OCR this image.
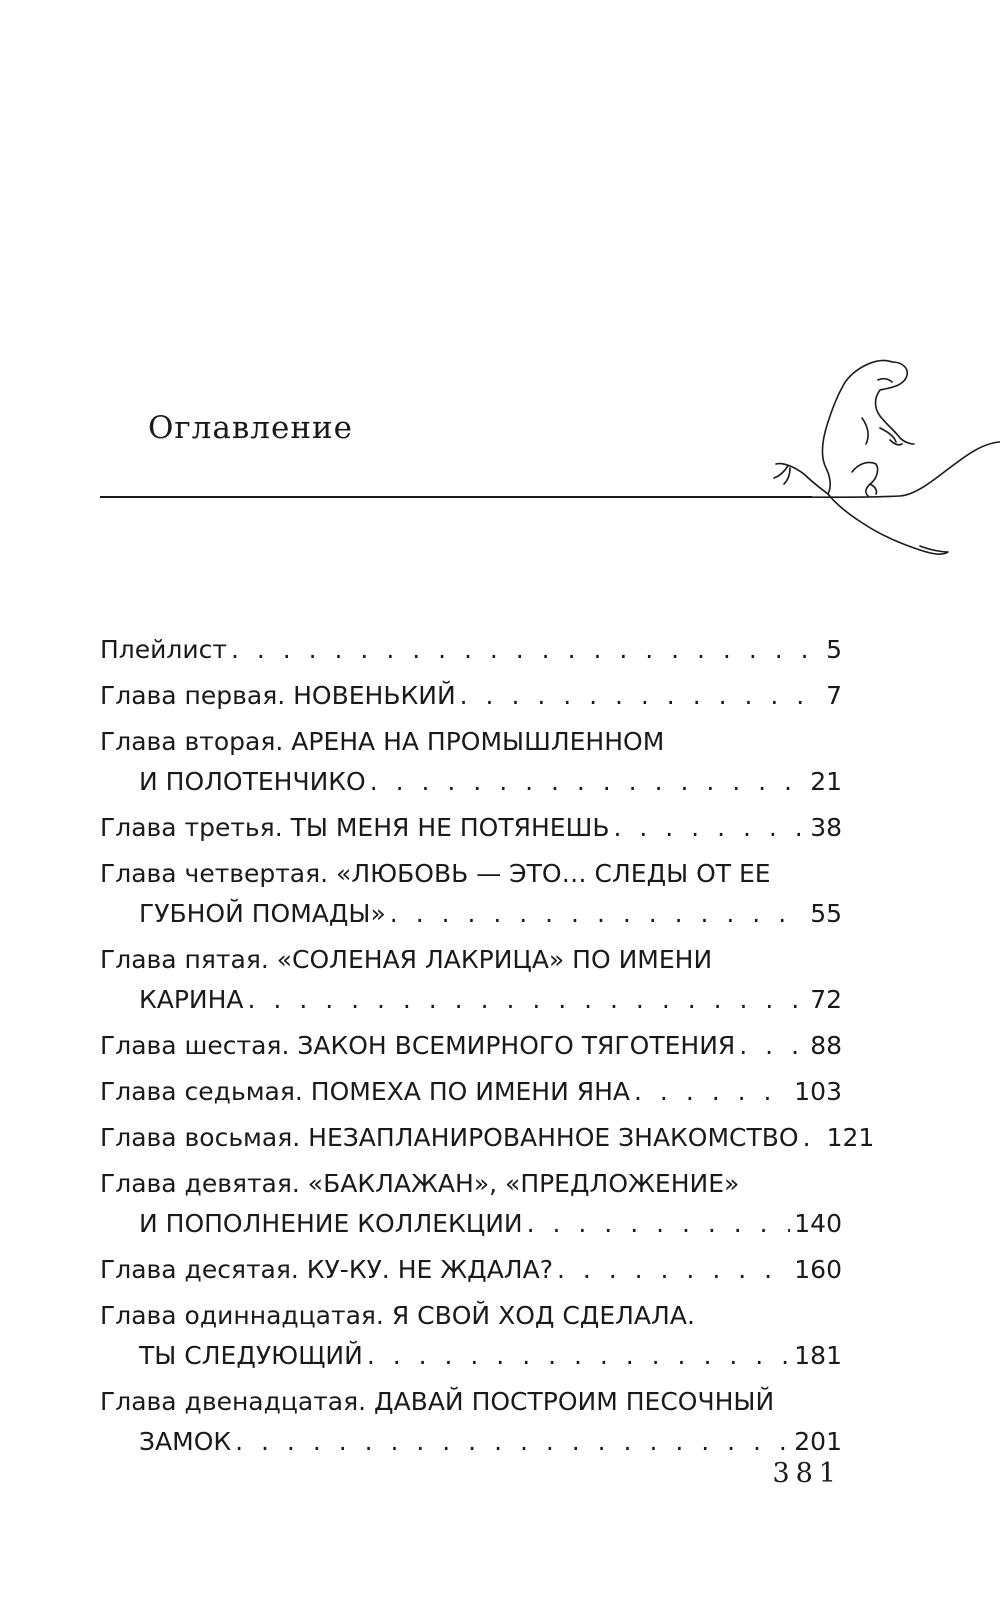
Оглавление
Плейлист . . .	5
Глава первая. НОВЕНЬКИЙ . . .	7
Глава вторая. АРЕНА НА ПРОМЫШЛЕННОМ
И ПОЛОТЕНЧИКО . . .	21
Глава третья. ТЫ МЕНЯ НЕ ПОТЯНЕШЬ . . .	38
Глава четвертая. «ЛЮБОВЬ — ЭТО… СЛЕДЫ ОТ ЕЕ
ГУБНОЙ ПОМАДЫ» . . .	55
Глава пятая. «СОЛЕНАЯ ЛАКРИЦА» ПО ИМЕНИ
КАРИНА . . .	72
Глава шестая. ЗАКОН ВСЕМИРНОГО ТЯГОТЕНИЯ . . .	88
Глава седьмая. ПОМЕХА ПО ИМЕНИ ЯНА . . .	103
Глава восьмая. НЕЗАПЛАНИРОВАННОЕ ЗНАКОМСТВО . . . 121
Глава девятая. «БАКЛАЖАН», «ПРЕДЛОЖЕНИЕ»
И ПОПОЛНЕНИЕ КОЛЛЕКЦИИ . . .	140
Глава десятая. КУ-КУ. НЕ ЖДАЛА? . . .	160
Глава одиннадцатая. Я СВОЙ ХОД СДЕЛАЛА.
ТЫ СЛЕДУЮЩИЙ . . .	181
Глава двенадцатая. ДАВАЙ ПОСТРОИМ ПЕСОЧНЫЙ
ЗАМОК . . .	201
381
